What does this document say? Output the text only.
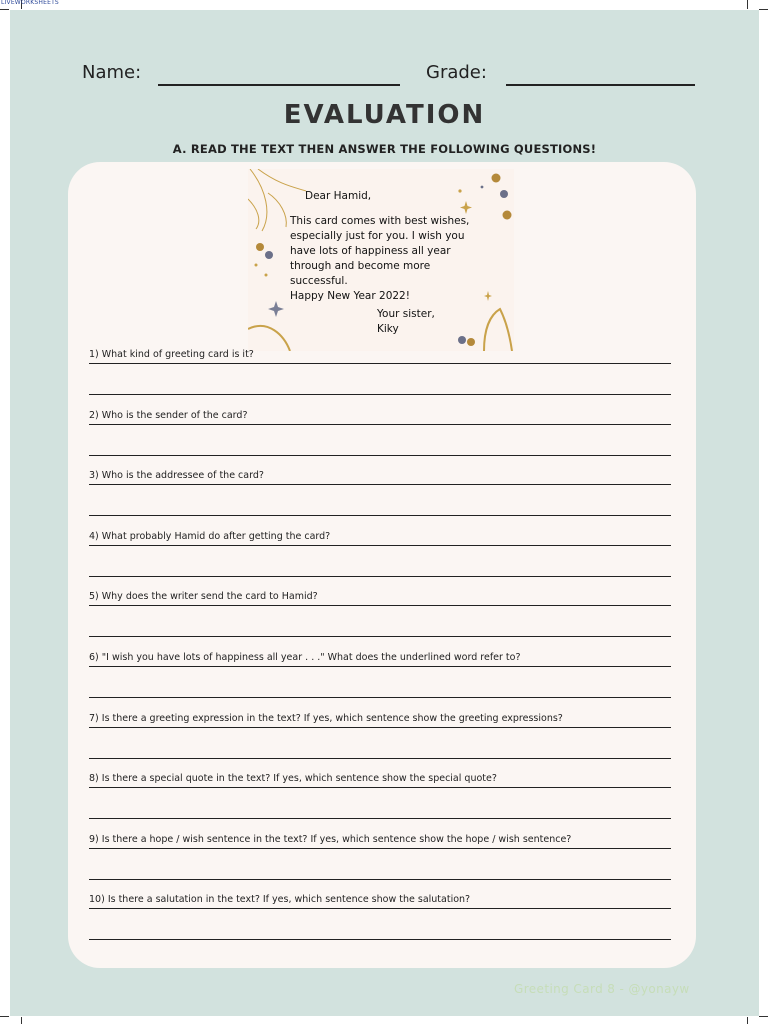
LIVEWORKSHEETS
Name:	Grade:
EVALUATION
A. READ THE TEXT THEN ANSWER THE FOLLOWING QUESTIONS!
Dear Hamid,
This card comes with best wishes,
especially just for you. I wish you
have lots of happiness all year
through and become more
successful.
Happy New Year 2022!
Your sister,
Kiky
1) What kind of greeting card is it?
2) Who is the sender of the card?
3) Who is the addressee of the card?
4) What probably Hamid do after getting the card?
5) Why does the writer send the card to Hamid?
6) "I wish you have lots of happiness all year . . ." What does the underlined word refer to?
7) Is there a greeting expression in the text? If yes, which sentence show the greeting expressions?
8) Is there a special quote in the text? If yes, which sentence show the special quote?
9) Is there a hope / wish sentence in the text? If yes, which sentence show the hope / wish sentence?
10) Is there a salutation in the text? If yes, which sentence show the salutation?
Greeting Card 8 - @yonayw
